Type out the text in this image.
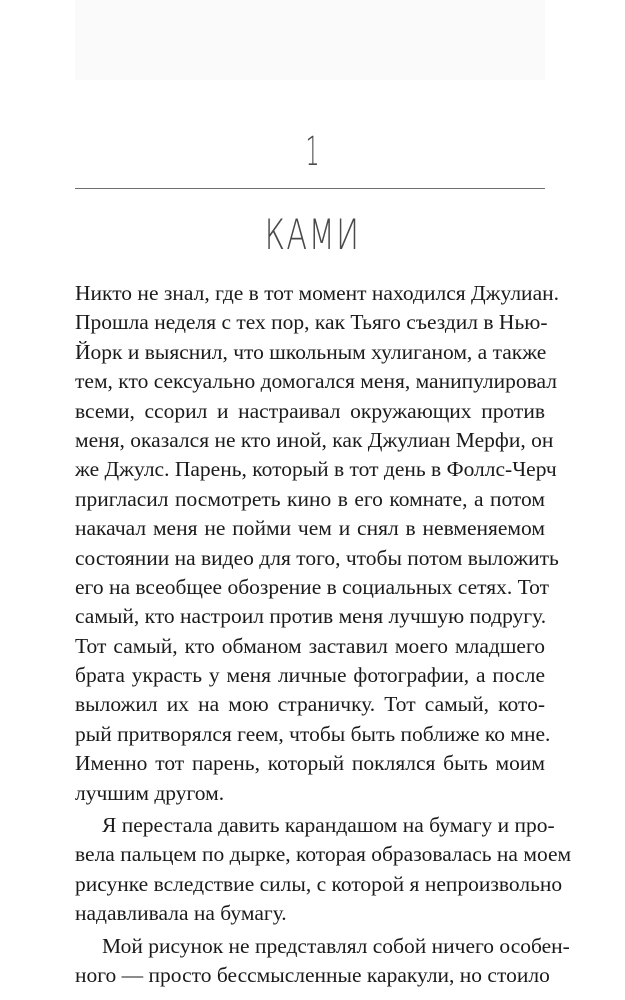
1
КАМИ
Никто не знал, где в тот момент находился Джулиан.
Прошла неделя с тех пор, как Тьяго съездил в Нью-
Йорк и выяснил, что школьным хулиганом, а также
тем, кто сексуально домогался меня, манипулировал
всеми, ссорил и настраивал окружающих против
меня, оказался не кто иной, как Джулиан Мерфи, он
же Джулс. Парень, который в тот день в Фоллс-Черч
пригласил посмотреть кино в его комнате, а потом
накачал меня не пойми чем и снял в невменяемом
состоянии на видео для того, чтобы потом выложить
его на всеобщее обозрение в социальных сетях. Тот
самый, кто настроил против меня лучшую подругу.
Тот самый, кто обманом заставил моего младшего
брата украсть у меня личные фотографии, а после
выложил их на мою страничку. Тот самый, кото-
рый притворялся геем, чтобы быть поближе ко мне.
Именно тот парень, который поклялся быть моим
лучшим другом.
Я перестала давить карандашом на бумагу и про-
вела пальцем по дырке, которая образовалась на моем
рисунке вследствие силы, с которой я непроизвольно
надавливала на бумагу.
Мой рисунок не представлял собой ничего особен-
ного — просто бессмысленные каракули, но стоило
